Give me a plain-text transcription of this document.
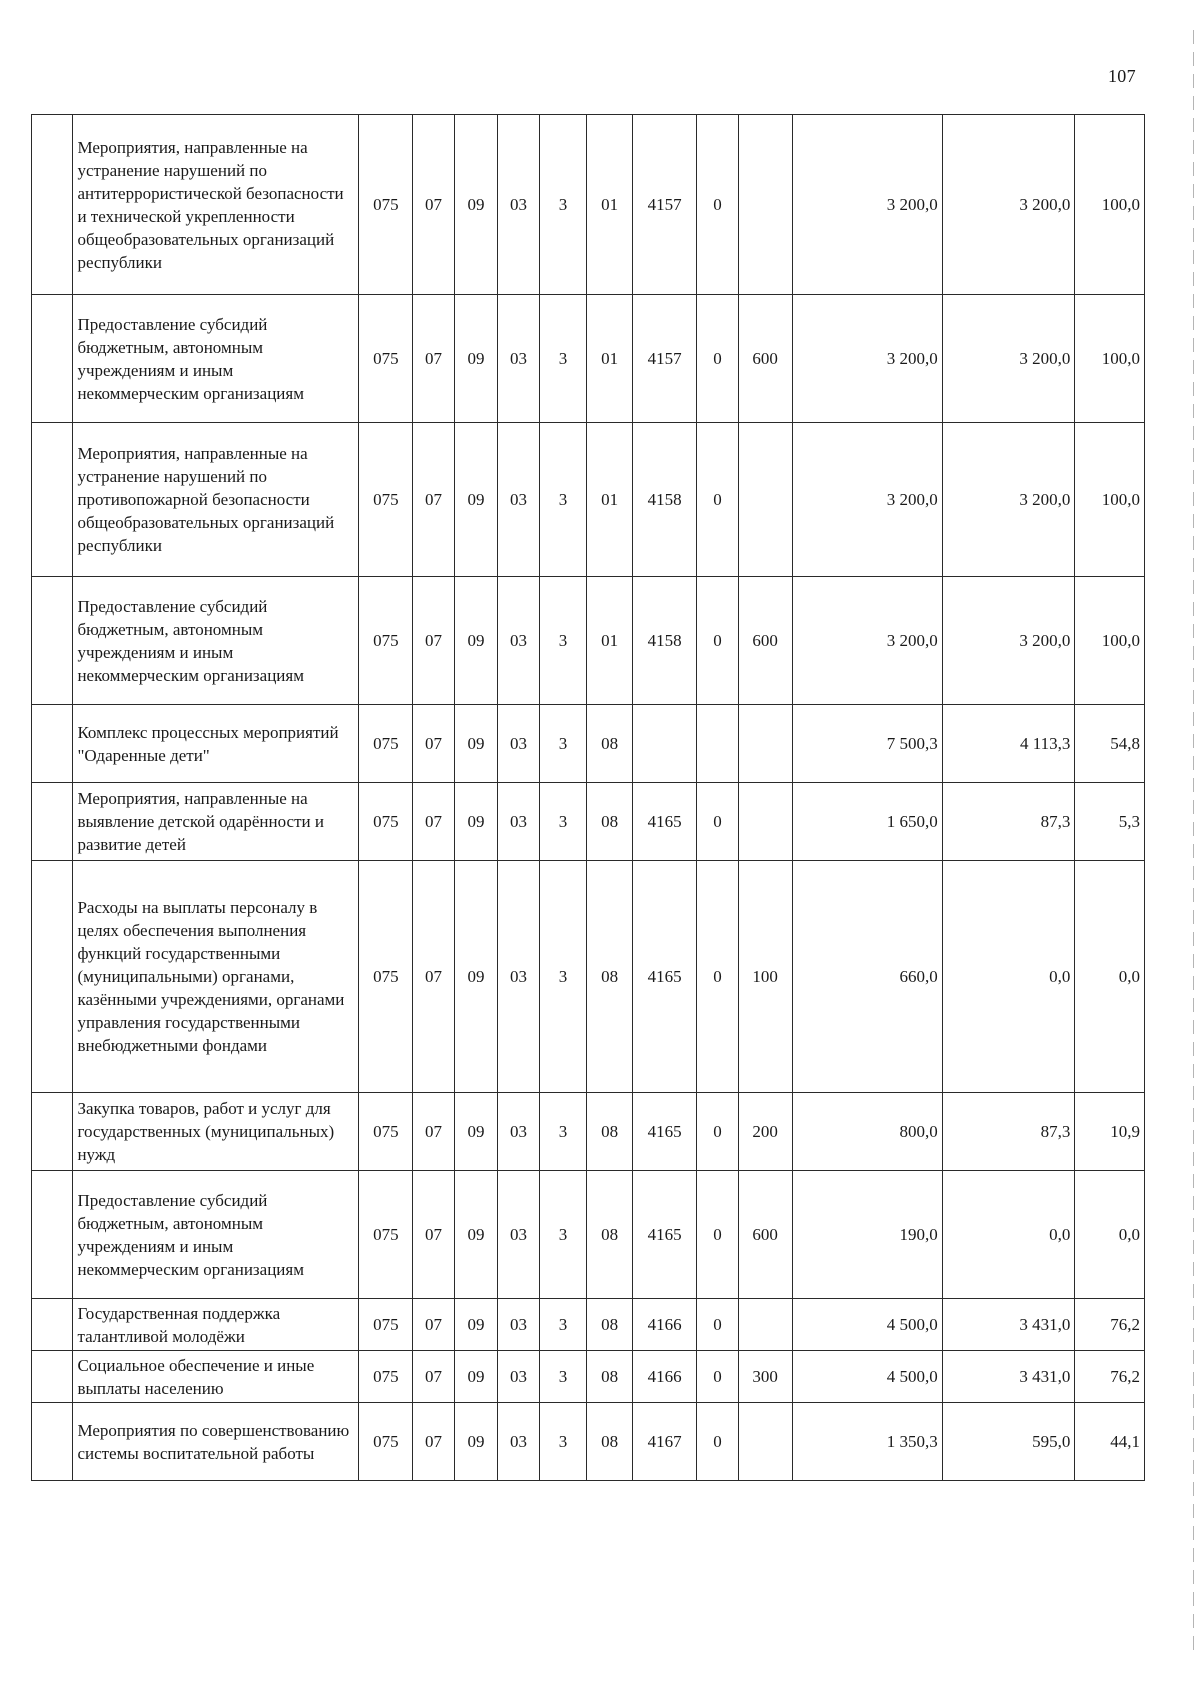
107
	Мероприятия, направленные на устранение нарушений по антитеррористической безопасности и технической укрепленности общеобразовательных организаций республики	075	07	09	03	3	01	4157	0		3 200,0	3 200,0	100,0
	Предоставление субсидий бюджетным, автономным учреждениям и иным некоммерческим организациям	075	07	09	03	3	01	4157	0	600	3 200,0	3 200,0	100,0
	Мероприятия, направленные на устранение нарушений по противопожарной безопасности общеобразовательных организаций республики	075	07	09	03	3	01	4158	0		3 200,0	3 200,0	100,0
	Предоставление субсидий бюджетным, автономным учреждениям и иным некоммерческим организациям	075	07	09	03	3	01	4158	0	600	3 200,0	3 200,0	100,0
	Комплекс процессных мероприятий "Одаренные дети"	075	07	09	03	3	08				7 500,3	4 113,3	54,8
	Мероприятия, направленные на выявление детской одарённости и развитие детей	075	07	09	03	3	08	4165	0		1 650,0	87,3	5,3
	Расходы на выплаты персоналу в целях обеспечения выполнения функций государственными (муниципальными) органами, казёнными учреждениями, органами управления государственными внебюджетными фондами	075	07	09	03	3	08	4165	0	100	660,0	0,0	0,0
	Закупка товаров, работ и услуг для государственных (муниципальных) нужд	075	07	09	03	3	08	4165	0	200	800,0	87,3	10,9
	Предоставление субсидий бюджетным, автономным учреждениям и иным некоммерческим организациям	075	07	09	03	3	08	4165	0	600	190,0	0,0	0,0
	Государственная поддержка талантливой молодёжи	075	07	09	03	3	08	4166	0		4 500,0	3 431,0	76,2
	Социальное обеспечение и иные выплаты населению	075	07	09	03	3	08	4166	0	300	4 500,0	3 431,0	76,2
	Мероприятия по совершенствованию системы воспитательной работы	075	07	09	03	3	08	4167	0		1 350,3	595,0	44,1
